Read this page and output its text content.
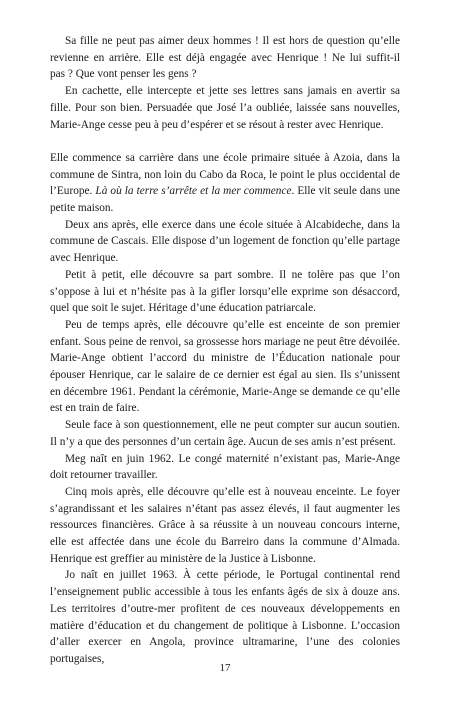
Sa fille ne peut pas aimer deux hommes ! Il est hors de question qu’elle revienne en arrière. Elle est déjà engagée avec Henrique ! Ne lui suffit-il pas ? Que vont penser les gens ?

En cachette, elle intercepte et jette ses lettres sans jamais en avertir sa fille. Pour son bien. Persuadée que José l’a oubliée, laissée sans nouvelles, Marie-Ange cesse peu à peu d’espérer et se résout à rester avec Henrique.

Elle commence sa carrière dans une école primaire située à Azoia, dans la commune de Sintra, non loin du Cabo da Roca, le point le plus occidental de l’Europe. Là où la terre s’arrête et la mer commence. Elle vit seule dans une petite maison.

Deux ans après, elle exerce dans une école située à Alcabideche, dans la commune de Cascais. Elle dispose d’un logement de fonction qu’elle partage avec Henrique.

Petit à petit, elle découvre sa part sombre. Il ne tolère pas que l’on s’oppose à lui et n’hésite pas à la gifler lorsqu’elle exprime son désaccord, quel que soit le sujet. Héritage d’une éducation patriarcale.

Peu de temps après, elle découvre qu’elle est enceinte de son premier enfant. Sous peine de renvoi, sa grossesse hors mariage ne peut être dévoilée. Marie-Ange obtient l’accord du ministre de l’Éducation nationale pour épouser Henrique, car le salaire de ce dernier est égal au sien. Ils s’unissent en décembre 1961. Pendant la cérémonie, Marie-Ange se demande ce qu’elle est en train de faire.

Seule face à son questionnement, elle ne peut compter sur aucun soutien. Il n’y a que des personnes d’un certain âge. Aucun de ses amis n’est présent.

Meg naît en juin 1962. Le congé maternité n’existant pas, Marie-Ange doit retourner travailler.

Cinq mois après, elle découvre qu’elle est à nouveau enceinte. Le foyer s’agrandissant et les salaires n’étant pas assez élevés, il faut augmenter les ressources financières. Grâce à sa réussite à un nouveau concours interne, elle est affectée dans une école du Barreiro dans la commune d’Almada. Henrique est greffier au ministère de la Justice à Lisbonne.

Jo naît en juillet 1963. À cette période, le Portugal continental rend l’enseignement public accessible à tous les enfants âgés de six à douze ans. Les territoires d’outre-mer profitent de ces nouveaux développements en matière d’éducation et du changement de politique à Lisbonne. L’occasion d’aller exercer en Angola, province ultramarine, l’une des colonies portugaises,

17
